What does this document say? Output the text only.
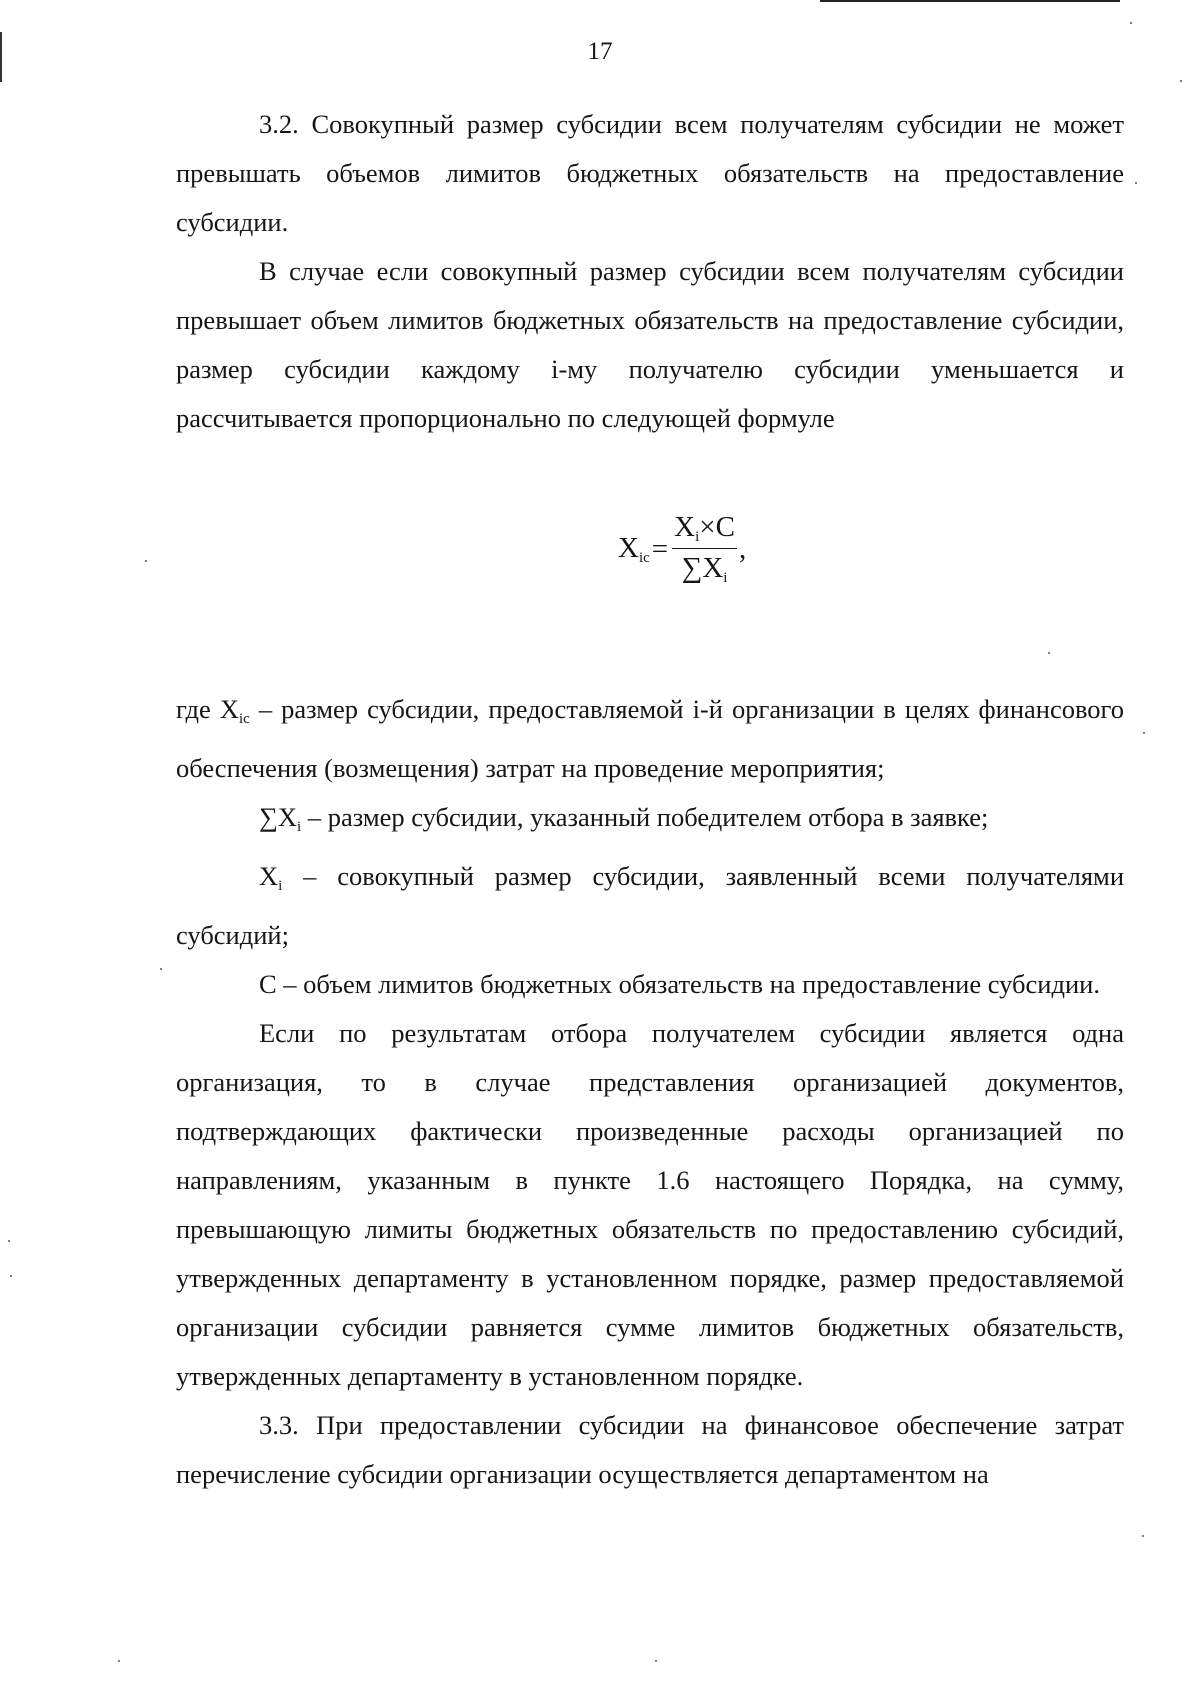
17

3.2. Совокупный размер субсидии всем получателям субсидии не может превышать объемов лимитов бюджетных обязательств на предоставление субсидии.

В случае если совокупный размер субсидии всем получателям субсидии превышает объем лимитов бюджетных обязательств на предоставление субсидии, размер субсидии каждому i-му получателю субсидии уменьшается и рассчитывается пропорционально по следующей формуле

$X_{ic} = \frac{X_i\times C}{\sum X_i}$ ,

где $X_{ic}$ – размер субсидии, предоставляемой i-й организации в целях финансового обеспечения (возмещения) затрат на проведение мероприятия;

$\sum X_i$ – размер субсидии, указанный победителем отбора в заявке;

$X_i$ – совокупный размер субсидии, заявленный всеми получателями субсидий;

C – объем лимитов бюджетных обязательств на предоставление субсидии.

Если по результатам отбора получателем субсидии является одна организация, то в случае представления организацией документов, подтверждающих фактически произведенные расходы организацией по направлениям, указанным в пункте 1.6 настоящего Порядка, на сумму, превышающую лимиты бюджетных обязательств по предоставлению субсидий, утвержденных департаменту в установленном порядке, размер предоставляемой организации субсидии равняется сумме лимитов бюджетных обязательств, утвержденных департаменту в установленном порядке.

3.3. При предоставлении субсидии на финансовое обеспечение затрат перечисление субсидии организации осуществляется департаментом на
